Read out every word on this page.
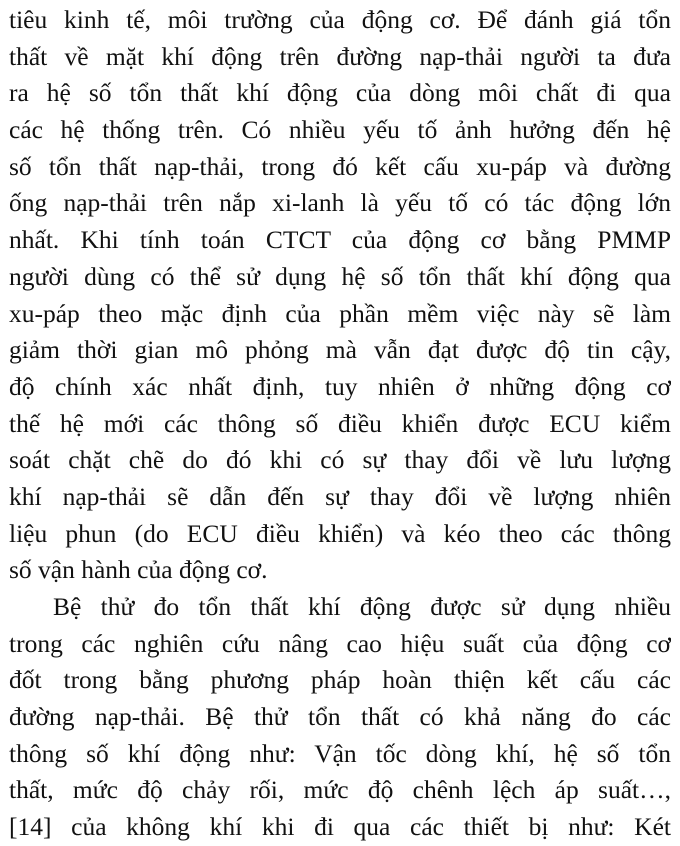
tiêu kinh tế, môi trường của động cơ. Để đánh giá tổn
thất về mặt khí động trên đường nạp-thải người ta đưa
ra hệ số tổn thất khí động của dòng môi chất đi qua
các hệ thống trên. Có nhiều yếu tố ảnh hưởng đến hệ
số tổn thất nạp-thải, trong đó kết cấu xu-páp và đường
ống nạp-thải trên nắp xi-lanh là yếu tố có tác động lớn
nhất. Khi tính toán CTCT của động cơ bằng PMMP
người dùng có thể sử dụng hệ số tổn thất khí động qua
xu-páp theo mặc định của phần mềm việc này sẽ làm
giảm thời gian mô phỏng mà vẫn đạt được độ tin cậy,
độ chính xác nhất định, tuy nhiên ở những động cơ
thế hệ mới các thông số điều khiển được ECU kiểm
soát chặt chẽ do đó khi có sự thay đổi về lưu lượng
khí nạp-thải sẽ dẫn đến sự thay đổi về lượng nhiên
liệu phun (do ECU điều khiển) và kéo theo các thông
số vận hành của động cơ.
Bệ thử đo tổn thất khí động được sử dụng nhiều
trong các nghiên cứu nâng cao hiệu suất của động cơ
đốt trong bằng phương pháp hoàn thiện kết cấu các
đường nạp-thải. Bệ thử tổn thất có khả năng đo các
thông số khí động như: Vận tốc dòng khí, hệ số tổn
thất, mức độ chảy rối, mức độ chênh lệch áp suất…,
[14] của không khí khi đi qua các thiết bị như: Két
